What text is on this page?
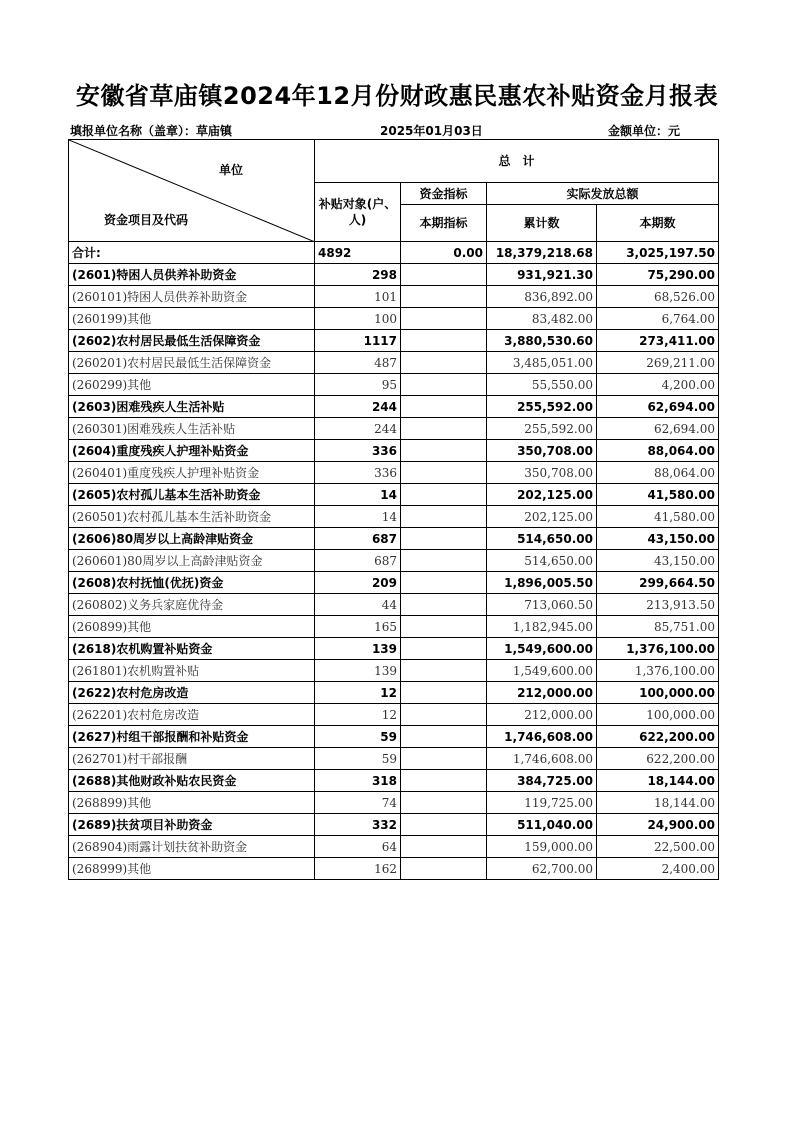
安徽省草庙镇2024年12月份财政惠民惠农补贴资金月报表
填报单位名称（盖章）：草庙镇	2025年01月03日	金额单位：元
单位
资金项目及代码	总　计			
	补贴对象(户、人)	资金指标	实际发放总额	
		本期指标	累计数	本期数
合计:	4892	0.00	18,379,218.68	3,025,197.50
(2601)特困人员供养补助资金	298		931,921.30	75,290.00
(260101)特困人员供养补助资金	101		836,892.00	68,526.00
(260199)其他	100		83,482.00	6,764.00
(2602)农村居民最低生活保障资金	1117		3,880,530.60	273,411.00
(260201)农村居民最低生活保障资金	487		3,485,051.00	269,211.00
(260299)其他	95		55,550.00	4,200.00
(2603)困难残疾人生活补贴	244		255,592.00	62,694.00
(260301)困难残疾人生活补贴	244		255,592.00	62,694.00
(2604)重度残疾人护理补贴资金	336		350,708.00	88,064.00
(260401)重度残疾人护理补贴资金	336		350,708.00	88,064.00
(2605)农村孤儿基本生活补助资金	14		202,125.00	41,580.00
(260501)农村孤儿基本生活补助资金	14		202,125.00	41,580.00
(2606)80周岁以上高龄津贴资金	687		514,650.00	43,150.00
(260601)80周岁以上高龄津贴资金	687		514,650.00	43,150.00
(2608)农村抚恤(优抚)资金	209		1,896,005.50	299,664.50
(260802)义务兵家庭优待金	44		713,060.50	213,913.50
(260899)其他	165		1,182,945.00	85,751.00
(2618)农机购置补贴资金	139		1,549,600.00	1,376,100.00
(261801)农机购置补贴	139		1,549,600.00	1,376,100.00
(2622)农村危房改造	12		212,000.00	100,000.00
(262201)农村危房改造	12		212,000.00	100,000.00
(2627)村组干部报酬和补贴资金	59		1,746,608.00	622,200.00
(262701)村干部报酬	59		1,746,608.00	622,200.00
(2688)其他财政补贴农民资金	318		384,725.00	18,144.00
(268899)其他	74		119,725.00	18,144.00
(2689)扶贫项目补助资金	332		511,040.00	24,900.00
(268904)雨露计划扶贫补助资金	64		159,000.00	22,500.00
(268999)其他	162		62,700.00	2,400.00
